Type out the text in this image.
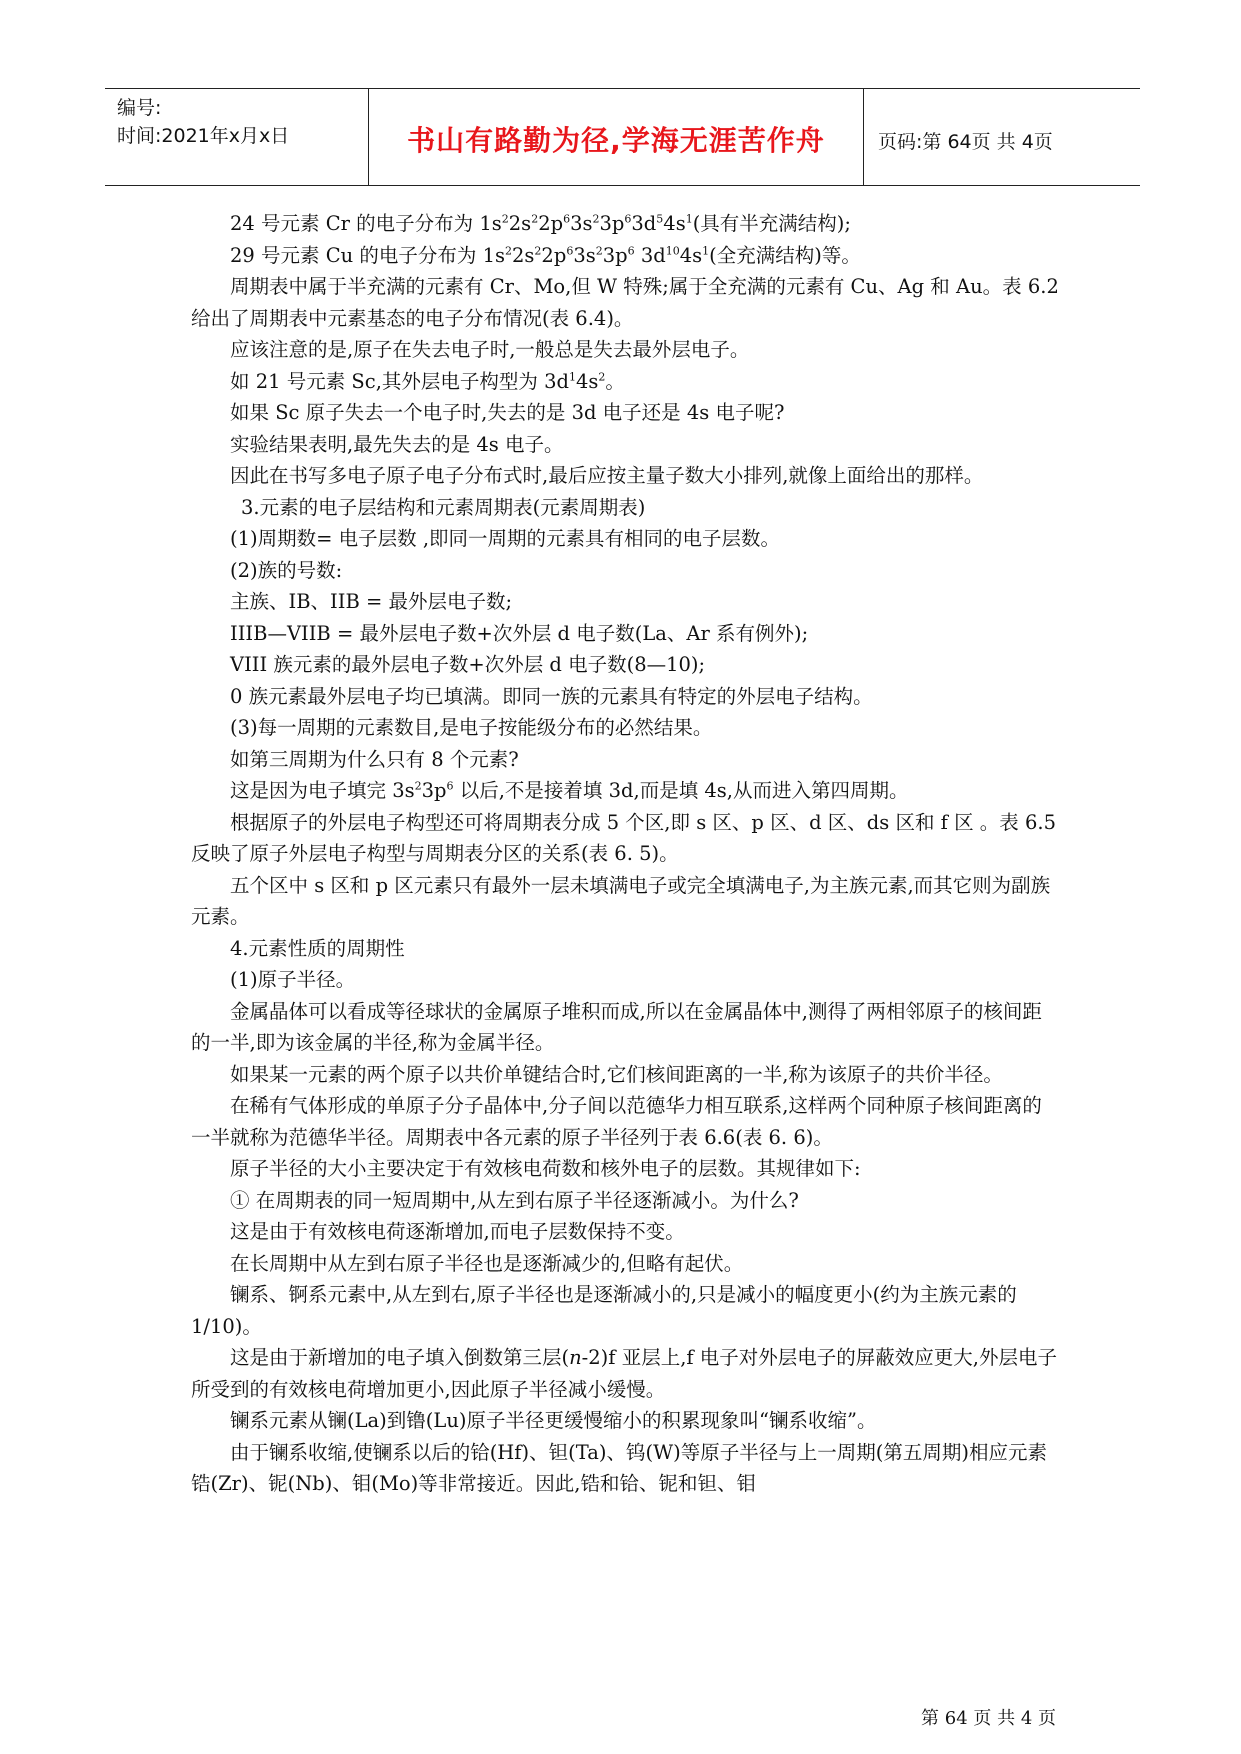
编号:
时间:2021年x月x日	书山有路勤为径,学海无涯苦作舟	页码:第 64页 共 4页

24 号元素 Cr 的电子分布为 $1s^22s^22p^63s^23p^63d^54s^1$(具有半充满结构);

29 号元素 Cu 的电子分布为 $1s^22s^22p^63s^23p^6$ $3d^{10}4s^1$(全充满结构)等。

周期表中属于半充满的元素有 Cr、Mo,但 W 特殊;属于全充满的元素有 Cu、Ag 和 Au。表 6.2 给出了周期表中元素基态的电子分布情况(表 6.4)。

应该注意的是,原子在失去电子时,一般总是失去最外层电子。

如 21 号元素 Sc,其外层电子构型为 $3d^14s^2$。

如果 Sc 原子失去一个电子时,失去的是 3d 电子还是 4s 电子呢?

实验结果表明,最先失去的是 4s 电子。

因此在书写多电子原子电子分布式时,最后应按主量子数大小排列,就像上面给出的那样。

3.元素的电子层结构和元素周期表(元素周期表)

(1)周期数= 电子层数 ,即同一周期的元素具有相同的电子层数。

(2)族的号数:

主族、IB、IIB = 最外层电子数;

IIIB—VIIB = 最外层电子数+次外层 d 电子数(La、Ar 系有例外);

VIII 族元素的最外层电子数+次外层 d 电子数(8—10);

0 族元素最外层电子均已填满。即同一族的元素具有特定的外层电子结构。

(3)每一周期的元素数目,是电子按能级分布的必然结果。

如第三周期为什么只有 8 个元素?

这是因为电子填完 $3s^23p^6$ 以后,不是接着填 3d,而是填 4s,从而进入第四周期。

根据原子的外层电子构型还可将周期表分成 5 个区,即 s 区、p 区、d 区、ds 区和 f 区 。表 6.5 反映了原子外层电子构型与周期表分区的关系(表 6. 5)。

五个区中 s 区和 p 区元素只有最外一层未填满电子或完全填满电子,为主族元素,而其它则为副族元素。

4.元素性质的周期性

(1)原子半径。

金属晶体可以看成等径球状的金属原子堆积而成,所以在金属晶体中,测得了两相邻原子的核间距的一半,即为该金属的半径,称为金属半径。

如果某一元素的两个原子以共价单键结合时,它们核间距离的一半,称为该原子的共价半径。

在稀有气体形成的单原子分子晶体中,分子间以范德华力相互联系,这样两个同种原子核间距离的一半就称为范德华半径。周期表中各元素的原子半径列于表 6.6(表 6. 6)。

原子半径的大小主要决定于有效核电荷数和核外电子的层数。其规律如下:

① 在周期表的同一短周期中,从左到右原子半径逐渐减小。为什么?

这是由于有效核电荷逐渐增加,而电子层数保持不变。

在长周期中从左到右原子半径也是逐渐减少的,但略有起伏。

镧系、锕系元素中,从左到右,原子半径也是逐渐减小的,只是减小的幅度更小(约为主族元素的1/10)。

这是由于新增加的电子填入倒数第三层(n-2)f 亚层上,f 电子对外层电子的屏蔽效应更大,外层电子所受到的有效核电荷增加更小,因此原子半径减小缓慢。

镧系元素从镧(La)到镥(Lu)原子半径更缓慢缩小的积累现象叫“镧系收缩”。

由于镧系收缩,使镧系以后的铪(Hf)、钽(Ta)、钨(W)等原子半径与上一周期(第五周期)相应元素锆(Zr)、铌(Nb)、钼(Mo)等非常接近。因此,锆和铪、铌和钽、钼

第 64 页 共 4 页
